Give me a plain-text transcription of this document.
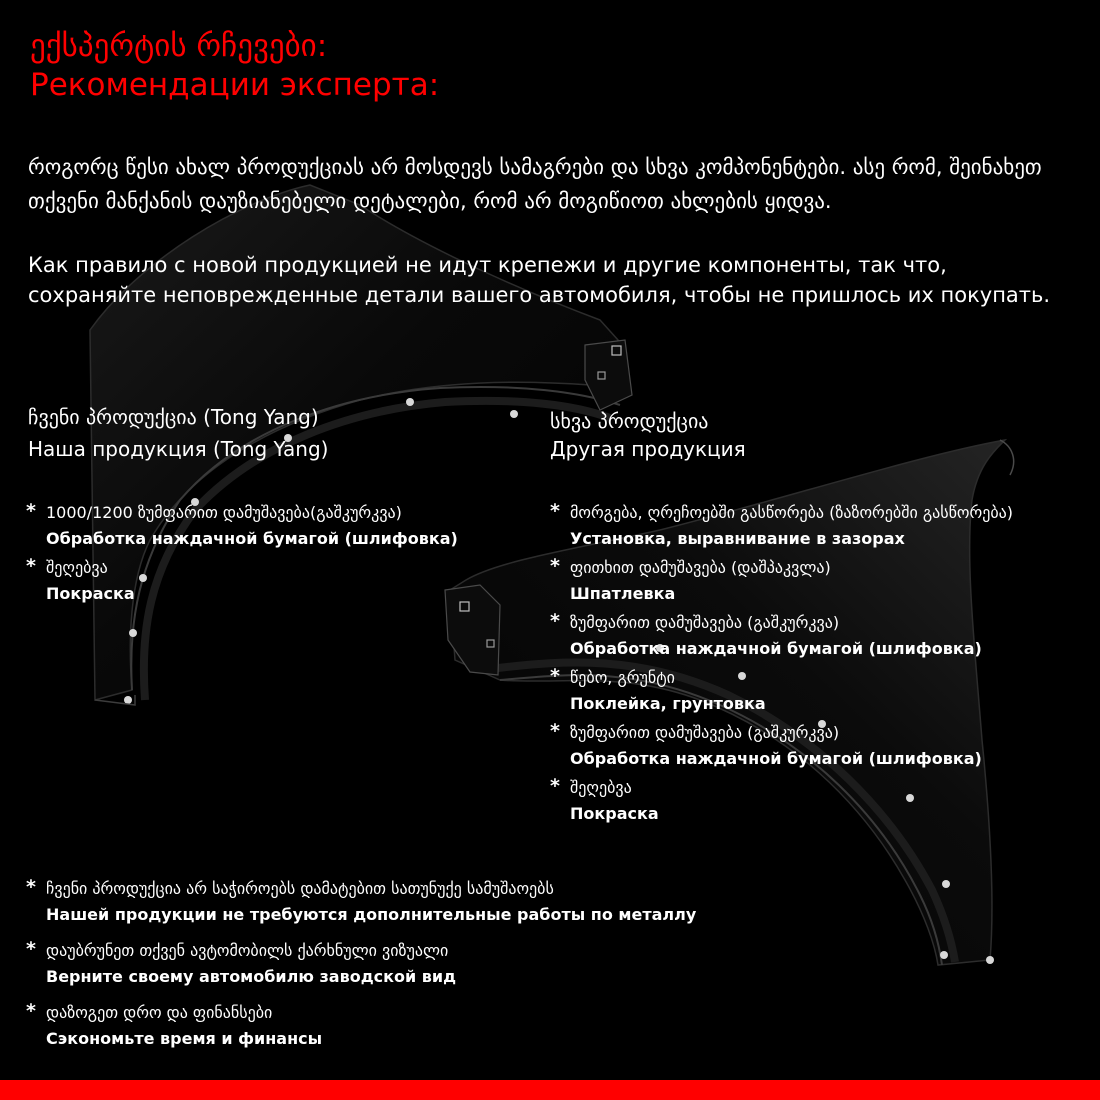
ექსპერტის რჩევები:
Рекомендации эксперта:

როგორც წესი ახალ პროდუქციას არ მოსდევს სამაგრები და სხვა კომპონენტები. ასე რომ, შეინახეთ თქვენი მანქანის დაუზიანებელი დეტალები, რომ არ მოგიწიოთ ახლების ყიდვა.

Как правило с новой продукцией не идут крепежи и другие компоненты, так что, сохраняйте неповрежденные детали вашего автомобиля, чтобы не пришлось их покупать.

ჩვენი პროდუქცია (Tong Yang)
Наша продукция (Tong Yang)
* 1000/1200 ზუმფარით დამუშავება(გაშკურკვა)
Обработка наждачной бумагой (шлифовка)
* შეღებვა
Покраска
სხვა პროდუქცია
Другая продукция
* მორგება, ღრეჩოებში გასწორება (ზაზორებში გასწორება)
Установка, выравнивание в зазорах
* ფითხით დამუშავება (დაშპაკვლა)
Шпатлевка
* ზუმფარით დამუშავება (გაშკურკვა)
Обработка наждачной бумагой (шлифовка)
* წებო, გრუნტი
Поклейка, грунтовка
* ზუმფარით დამუშავება (გაშკურკვა)
Обработка наждачной бумагой (шлифовка)
* შეღებვა
Покраска
* ჩვენი პროდუქცია არ საჭიროებს დამატებით სათუნუქე სამუშაოებს
Нашей продукции не требуются дополнительные работы по металлу
* დაუბრუნეთ თქვენ ავტომობილს ქარხნული ვიზუალი
Верните своему автомобилю заводской вид
* დაზოგეთ დრო და ფინანსები
Сэкономьте время и финансы
